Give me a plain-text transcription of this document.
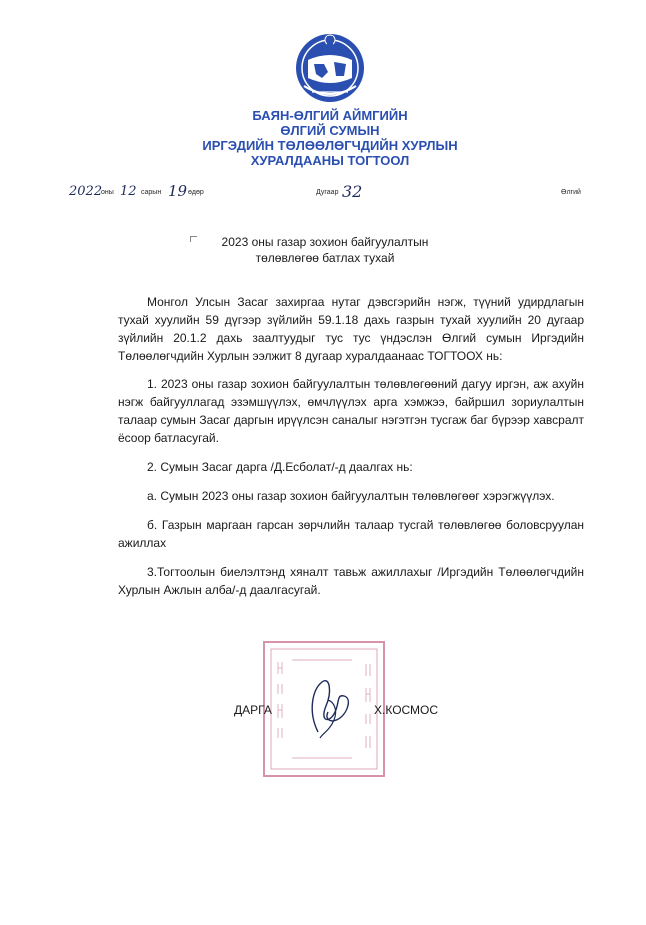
БАЯН-ӨЛГИЙ АЙМГИЙН
ӨЛГИЙ СУМЫН
ИРГЭДИЙН ТӨЛӨӨЛӨГЧДИЙН ХУРЛЫН
ХУРАЛДААНЫ ТОГТООЛ
2022
оны 12 сарын 19 өдөр	Дугаар 32	Өлгий
2023 оны газар зохион байгуулалтын
төлөвлөгөө батлах тухай

Монгол Улсын Засаг захиргаа нутаг дэвсгэрийн нэгж, түүний удирдлагын тухай хуулийн 59 дүгээр зүйлийн 59.1.18 дахь газрын тухай хуулийн 20 дугаар зүйлийн 20.1.2 дахь заалтуудыг тус тус үндэслэн Өлгий сумын Иргэдийн Төлөөлөгчдийн Хурлын ээлжит 8 дугаар хуралдаанаас ТОГТООХ нь:

1. 2023 оны газар зохион байгуулалтын төлөвлөгөөний дагуу иргэн, аж ахуйн нэгж байгууллагад эзэмшүүлэх, өмчлүүлэх арга хэмжээ, байршил зориулалтын талаар сумын Засаг даргын ирүүлсэн саналыг нэгэтгэн тусгаж баг бүрээр хавсралт ёсоор батласугай.

2. Сумын Засаг дарга /Д.Есболат/-д даалгах нь:

а. Сумын 2023 оны газар зохион байгуулалтын төлөвлөгөөг хэрэгжүүлэх.

б. Газрын маргаан гарсан зөрчлийн талаар тусгай төлөвлөгөө боловсруулан ажиллах

3.Тогтоолын биелэлтэнд хяналт тавьж ажиллахыг /Иргэдийн Төлөөлөгчдийн Хурлын Ажлын алба/-д даалгасугай.

ДАРГА	Х.КОСМОС
